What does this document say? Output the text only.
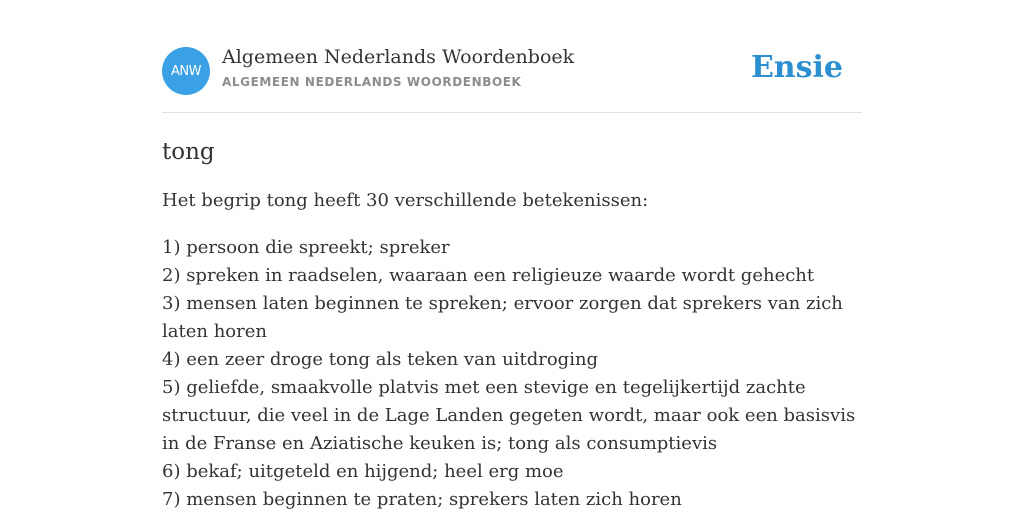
ANW
Algemeen Nederlands Woordenboek
ALGEMEEN NEDERLANDS WOORDENBOEK	Ensie
tong

Het begrip tong heeft 30 verschillende betekenissen:

1) persoon die spreekt; spreker
2) spreken in raadselen, waaraan een religieuze waarde wordt gehecht
3) mensen laten beginnen te spreken; ervoor zorgen dat sprekers van zich laten horen
4) een zeer droge tong als teken van uitdroging
5) geliefde, smaakvolle platvis met een stevige en tegelijkertijd zachte structuur, die veel in de Lage Landen gegeten wordt, maar ook een basisvis in de Franse en Aziatische keuken is; tong als consumptievis
6) bekaf; uitgeteld en hijgend; heel erg moe
7) mensen beginnen te praten; sprekers laten zich horen
